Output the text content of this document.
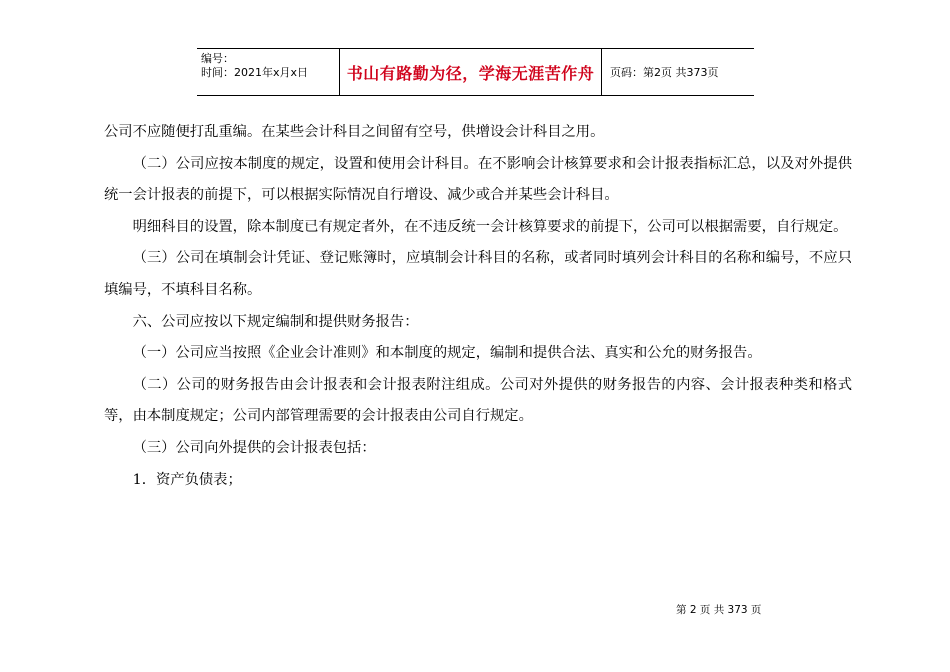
编号：
时间：2021年x月x日	书山有路勤为径，学海无涯苦作舟	页码：第2页 共373页

公司不应随便打乱重编。在某些会计科目之间留有空号，供增设会计科目之用。

（二）公司应按本制度的规定，设置和使用会计科目。在不影响会计核算要求和会计报表指标汇总，以及对外提供统一会计报表的前提下，可以根据实际情况自行增设、减少或合并某些会计科目。

明细科目的设置，除本制度已有规定者外，在不违反统一会计核算要求的前提下，公司可以根据需要，自行规定。

（三）公司在填制会计凭证、登记账簿时，应填制会计科目的名称，或者同时填列会计科目的名称和编号，不应只填编号，不填科目名称。

六、公司应按以下规定编制和提供财务报告：

（一）公司应当按照《企业会计准则》和本制度的规定，编制和提供合法、真实和公允的财务报告。

（二）公司的财务报告由会计报表和会计报表附注组成。公司对外提供的财务报告的内容、会计报表种类和格式等，由本制度规定；公司内部管理需要的会计报表由公司自行规定。

（三）公司向外提供的会计报表包括：

1．资产负债表；

第 2 页 共 373 页
